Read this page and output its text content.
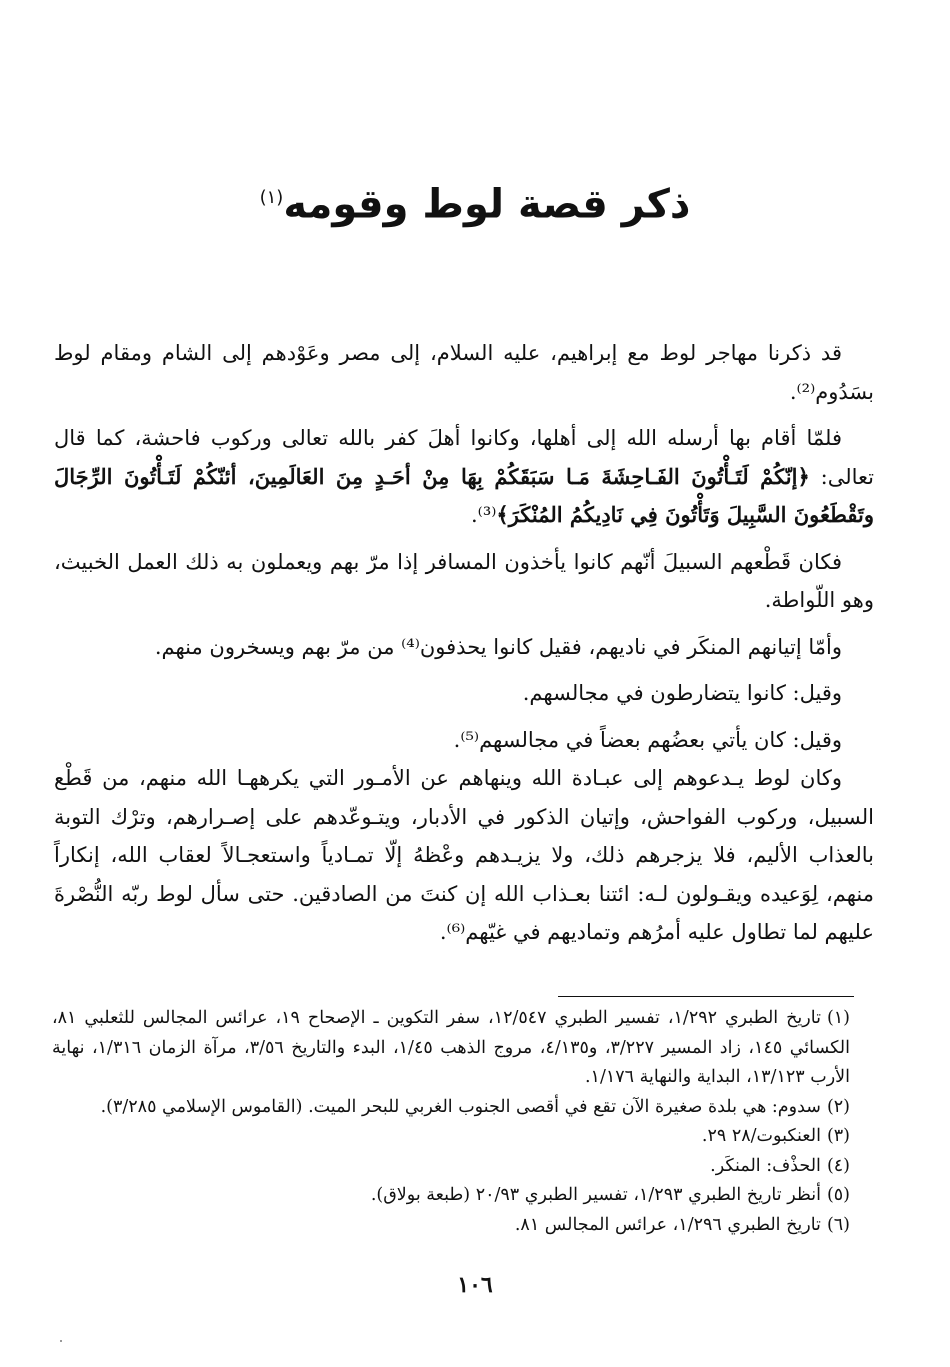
ذكر قصة لوط وقومه$^{(١)}$

قد ذكرنا مهاجر لوط مع إبراهيم، عليه السلام، إلى مصر وعَوْدهم إلى الشام ومقام لوط بسَدُوم⁽²⁾.

فلمّا أقام بها أرسله الله إلى أهلها، وكانوا أهلَ كفر بالله تعالى وركوب فاحشة، كما قال تعالى: ﴿إنّكُمْ لَتَـأْتُونَ الفَـاحِشَةَ مَـا سَبَقَكُمْ بِهَا مِنْ أحَـدٍ مِنَ العَالَمِينَ، أئنّكُمْ لَتَـأْتُونَ الرِّجَالَ وتَقْطَعُونَ السَّبِيلَ وَتَأْتُونَ فِي نَادِيكُمُ المُنْكَرَ﴾⁽³⁾.

فكان قَطْعهم السبيلَ أنّهم كانوا يأخذون المسافر إذا مرّ بهم ويعملون به ذلك العمل الخبيث، وهو اللّواطة.

وأمّا إتيانهم المنكَر في ناديهم، فقيل كانوا يحذفون⁽⁴⁾ من مرّ بهم ويسخرون منهم.

وقيل: كانوا يتضارطون في مجالسهم.

وقيل: كان يأتي بعضُهم بعضاً في مجالسهم⁽⁵⁾.

وكان لوط يـدعوهم إلى عبـادة الله وينهاهم عن الأمـور التي يكرههـا الله منهم، من قَطْع السبيل، وركوب الفواحش، وإتيان الذكور في الأدبار، ويتـوعّدهم على إصـرارهم، وترْك التوبة بالعذاب الأليم، فلا يزجرهم ذلك، ولا يزيـدهم وعْظهُ إلّا تمـادياً واستعجـالاً لعقاب الله، إنكاراً منهم، لِوَعيده ويقـولون لـه: ائتنا بعـذاب الله إن كنتَ من الصادقين. حتى سأل لوط ربّه النُّصْرةَ عليهم لما تطاول عليه أمرُهم وتماديهم في غيّهم⁽⁶⁾.

(١)تاريخ الطبري ١/٢٩٢، تفسير الطبري ١٢/٥٤٧، سفر التكوين ـ الإصحاح ١٩، عرائس المجالس للثعلبي ٨١، الكسائي ١٤٥، زاد المسير ٣/٢٢٧، و٤/١٣٥، مروج الذهب ١/٤٥، البدء والتاريخ ٣/٥٦، مرآة الزمان ١/٣١٦، نهاية الأرب ١٣/١٢٣، البداية والنهاية ١/١٧٦.

(٢)سدوم: هي بلدة صغيرة الآن تقع في أقصى الجنوب الغربي للبحر الميت. (القاموس الإسلامي ٣/٢٨٥).

(٣)العنكبوت/٢٨ ٢٩.

(٤)الحذْف: المنكَر.

(٥)أنظر تاريخ الطبري ١/٢٩٣، تفسير الطبري ٢٠/٩٣ (طبعة بولاق).

(٦)تاريخ الطبري ١/٢٩٦، عرائس المجالس ٨١.

١٠٦
